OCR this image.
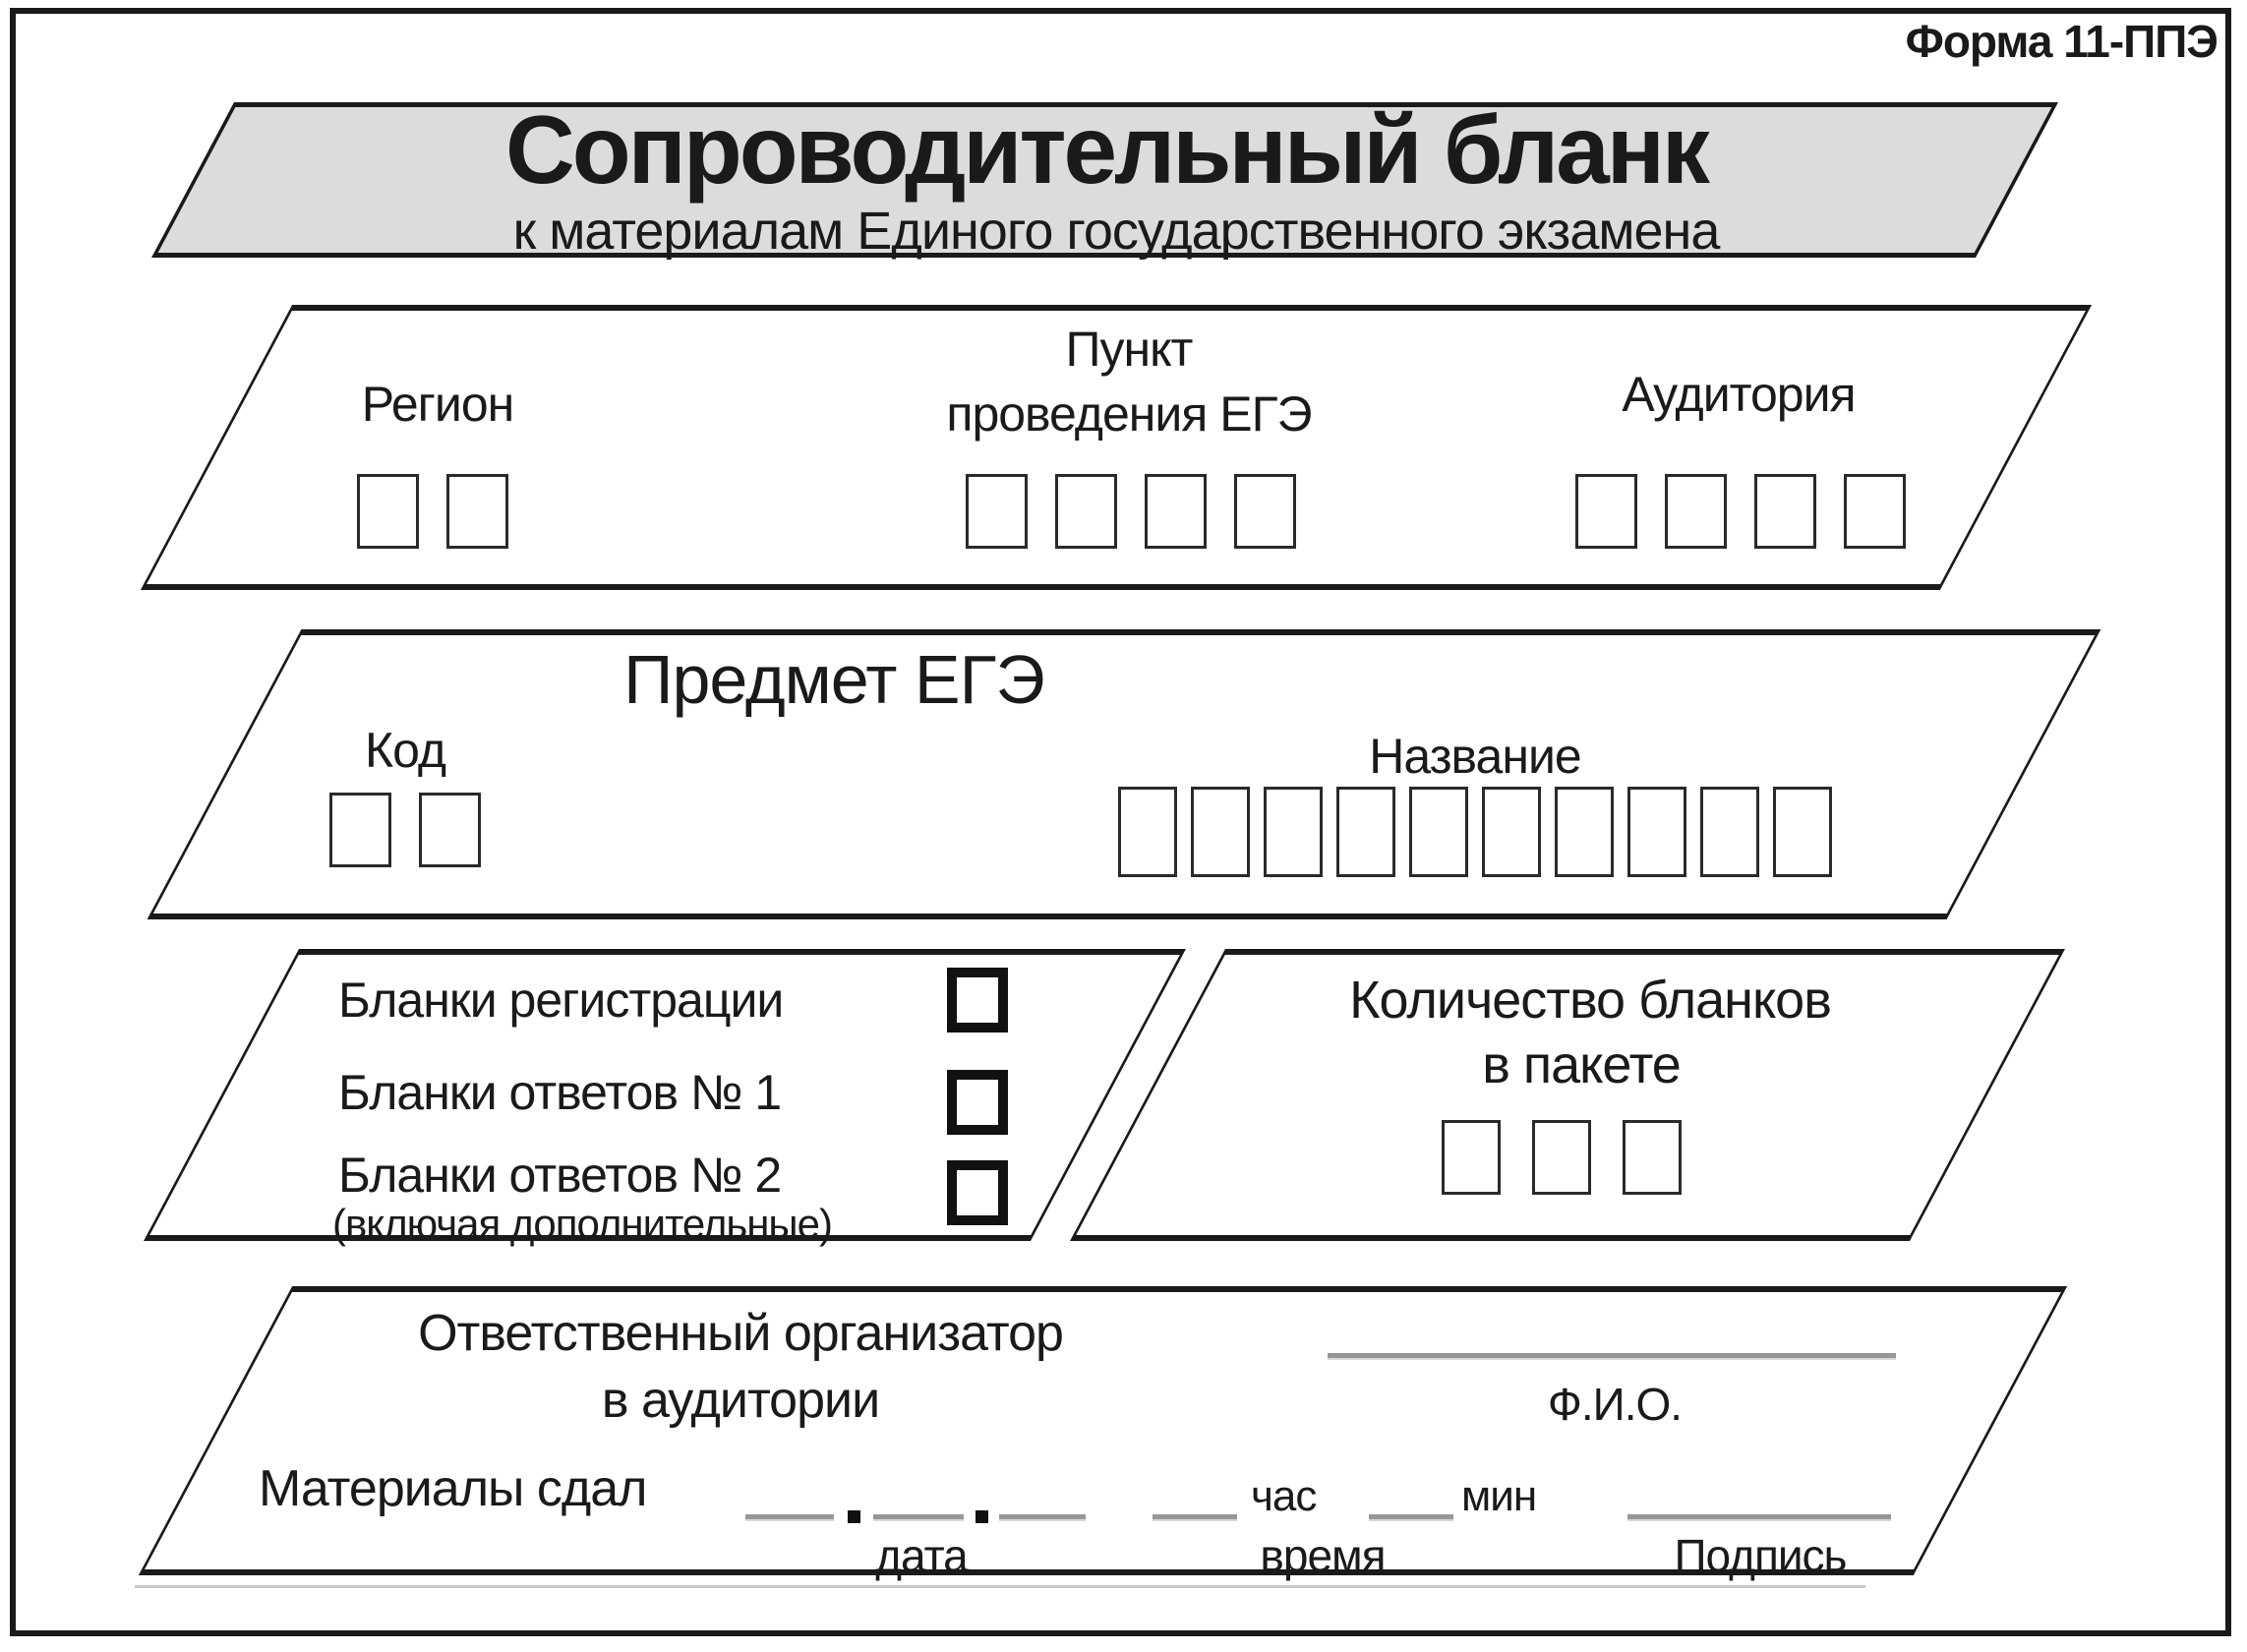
Форма 11-ППЭ
Сопроводительный бланк
к материалам Единого государственного экзамена
Регион
Пункт
проведения ЕГЭ	Аудитория
Предмет ЕГЭ
Код	Название
Бланки регистрации
Бланки ответов № 1
Бланки ответов № 2
(включая дополнительные)
Количество бланков
в пакете
Ответственный организатор
в аудитории	Ф.И.О.
Материалы сдал	час	мин
дата	время	Подпись
